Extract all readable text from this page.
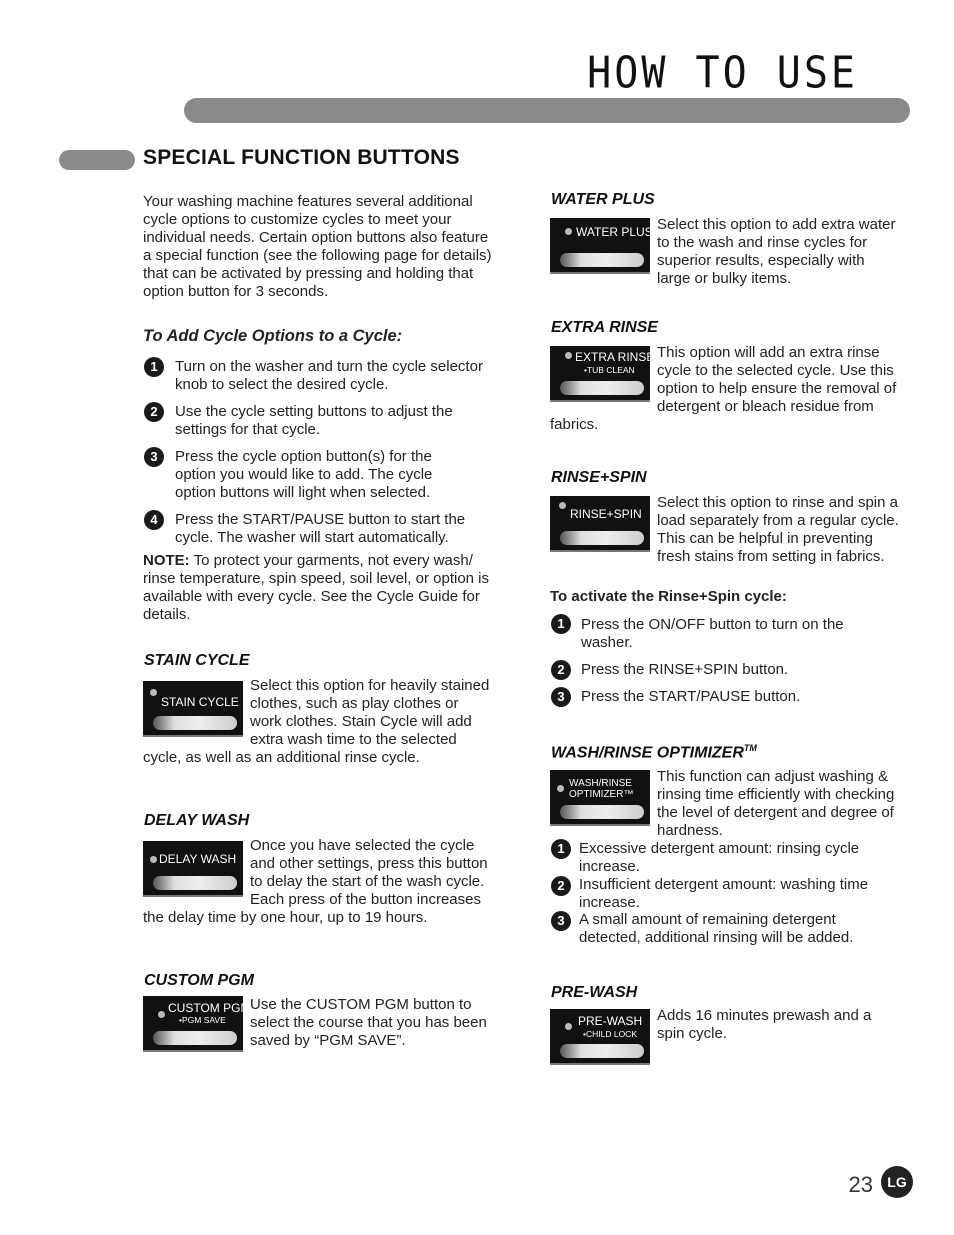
HOW TO USE
SPECIAL FUNCTION BUTTONS
Your washing machine features several additional cycle options to customize cycles to meet your individual needs. Certain option buttons also feature a special function (see the following page for details) that can be activated by pressing and holding that option button for 3 seconds.
To Add Cycle Options to a Cycle:
1	Turn on the washer and turn the cycle selector knob to select the desired cycle.
2	Use the cycle setting buttons to adjust the settings for that cycle.
3	Press the cycle option button(s) for the option you would like to add. The cycle option buttons will light when selected.
4	Press the START/PAUSE button to start the cycle. The washer will start automatically.
NOTE: To protect your garments, not every wash/ rinse temperature, spin speed, soil level, or option is available with every cycle. See the Cycle Guide for details.
STAIN CYCLE
STAIN CYCLE
Select this option for heavily stained clothes, such as play clothes or work clothes. Stain Cycle will add extra wash time to the selected cycle, as well as an additional rinse cycle.
DELAY WASH
DELAY WASH
Once you have selected the cycle and other settings, press this button to delay the start of the wash cycle. Each press of the button increases the delay time by one hour, up to 19 hours.
CUSTOM PGM
CUSTOM PGM
•PGM SAVE
Use the CUSTOM PGM button to select the course that you has been saved by “PGM SAVE”.
WATER PLUS
WATER PLUS Select this option to add extra water to the wash and rinse cycles for superior results, especially with large or bulky items.
EXTRA RINSE
EXTRA RINSE
•TUB CLEAN
This option will add an extra rinse cycle to the selected cycle. Use this option to help ensure the removal of detergent or bleach residue from fabrics.
RINSE+SPIN
RINSE+SPIN
Select this option to rinse and spin a load separately from a regular cycle. This can be helpful in preventing fresh stains from setting in fabrics.
To activate the Rinse+Spin cycle:
1	Press the ON/OFF button to turn on the washer.
2	Press the RINSE+SPIN button.
3	Press the START/PAUSE button.
WASH/RINSE OPTIMIZER™
WASH/RINSE
OPTIMIZER™
This function can adjust washing & rinsing time efficiently with checking the level of detergent and degree of hardness.
1 Excessive detergent amount: rinsing cycle increase.
2 Insufficient detergent amount: washing time increase.
3 A small amount of remaining detergent detected, additional rinsing will be added.
PRE-WASH
PRE-WASH
•CHILD LOCK
Adds 16 minutes prewash and a spin cycle.
23	LG
